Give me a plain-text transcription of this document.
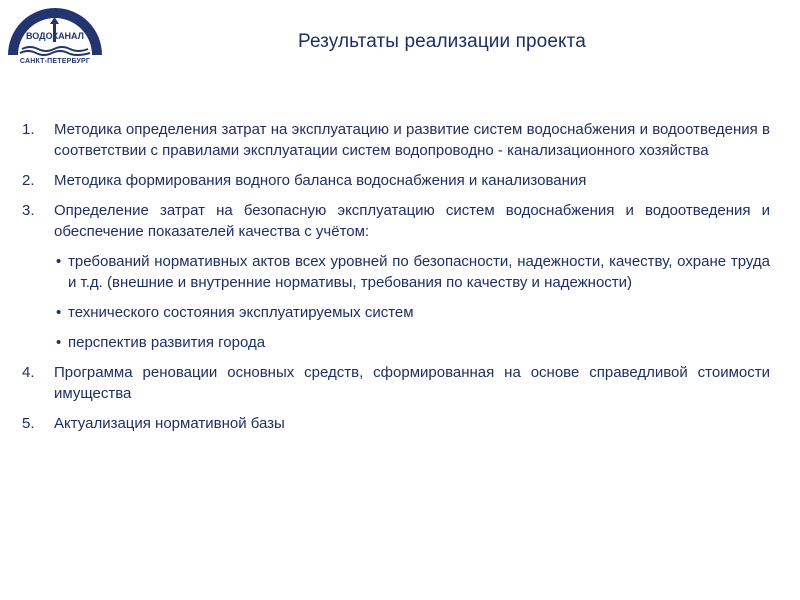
ВОДОКАНАЛ
САНКТ-ПЕТЕРБУРГ
Результаты реализации проекта
1. Методика определения затрат на эксплуатацию и развитие систем водоснабжения и водоотведения в соответствии с правилами эксплуатации систем водопроводно - канализационного хозяйства
2. Методика формирования водного баланса водоснабжения и канализования
3. Определение затрат на безопасную эксплуатацию систем водоснабжения и водоотведения и обеспечение показателей качества с учётом:
• требований нормативных актов всех уровней по безопасности, надежности, качеству, охране труда и т.д. (внешние и внутренние нормативы, требования по качеству и надежности)
• технического состояния эксплуатируемых систем
• перспектив развития города
4. Программа реновации основных средств, сформированная на основе справедливой стоимости имущества
5. Актуализация нормативной базы
